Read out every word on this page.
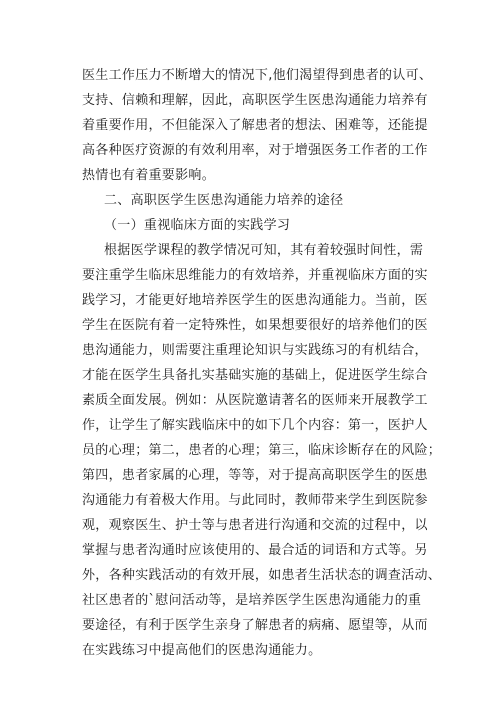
医生工作压力不断增大的情况下,他们渴望得到患者的认可、
支持、信赖和理解，因此，高职医学生医患沟通能力培养有
着重要作用，不但能深入了解患者的想法、困难等，还能提
高各种医疗资源的有效利用率，对于增强医务工作者的工作
热情也有着重要影响。
二、高职医学生医患沟通能力培养的途径
（一）重视临床方面的实践学习
根据医学课程的教学情况可知，其有着较强时间性，需
要注重学生临床思维能力的有效培养，并重视临床方面的实
践学习，才能更好地培养医学生的医患沟通能力。当前，医
学生在医院有着一定特殊性，如果想要很好的培养他们的医
患沟通能力，则需要注重理论知识与实践练习的有机结合，
才能在医学生具备扎实基础实施的基础上，促进医学生综合
素质全面发展。例如：从医院邀请著名的医师来开展教学工
作，让学生了解实践临床中的如下几个内容：第一，医护人
员的心理；第二，患者的心理；第三，临床诊断存在的风险；
第四，患者家属的心理，等等，对于提高高职医学生的医患
沟通能力有着极大作用。与此同时，教师带来学生到医院参
观，观察医生、护士等与患者进行沟通和交流的过程中，以
掌握与患者沟通时应该使用的、最合适的词语和方式等。另
外，各种实践活动的有效开展，如患者生活状态的调查活动、
社区患者的`慰问活动等，是培养医学生医患沟通能力的重
要途径，有利于医学生亲身了解患者的病痛、愿望等，从而
在实践练习中提高他们的医患沟通能力。
